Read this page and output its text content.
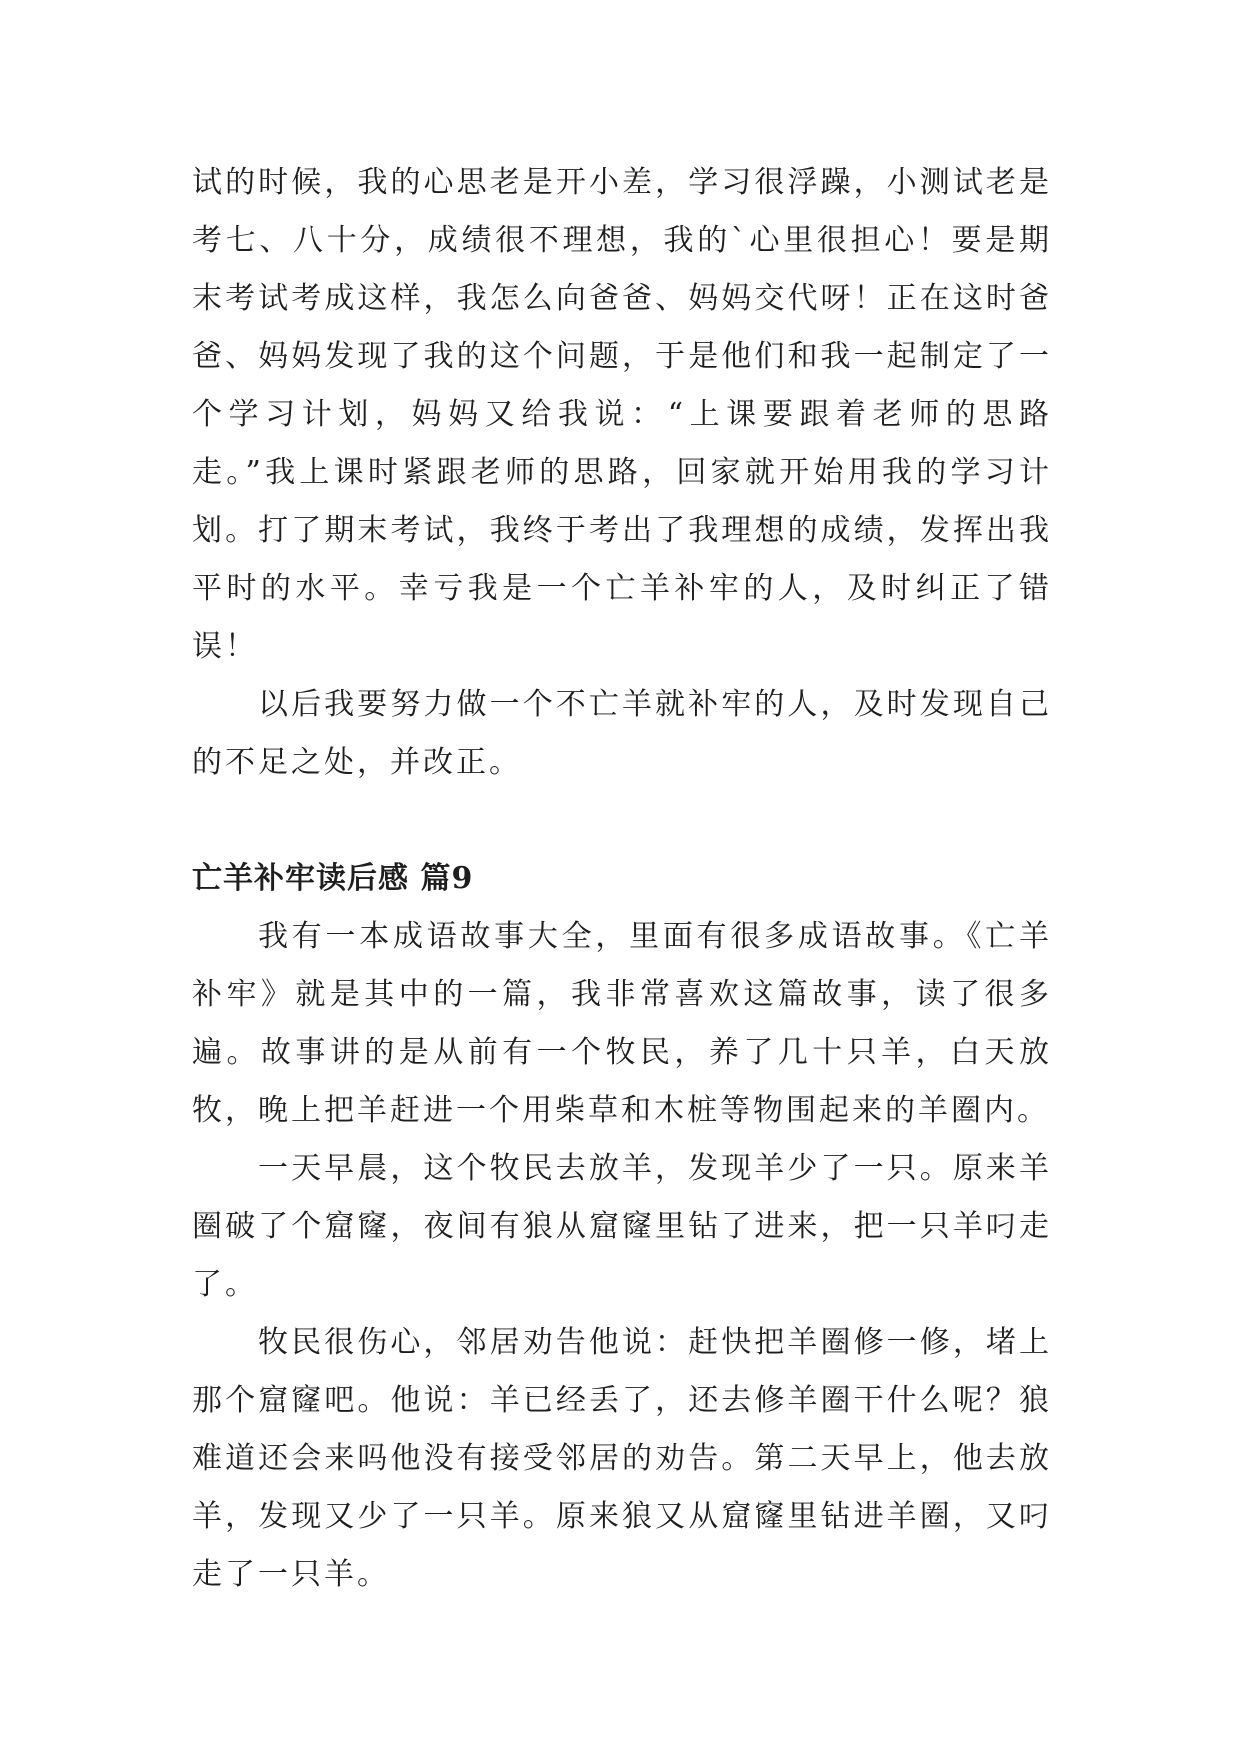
试的时候，我的心思老是开小差，学习很浮躁，小测试老是考七、八十分，成绩很不理想，我的`心里很担心！要是期末考试考成这样，我怎么向爸爸、妈妈交代呀！正在这时爸爸、妈妈发现了我的这个问题，于是他们和我一起制定了一个学习计划，妈妈又给我说：“上课要跟着老师的思路走。”我上课时紧跟老师的思路，回家就开始用我的学习计划。打了期末考试，我终于考出了我理想的成绩，发挥出我平时的水平。幸亏我是一个亡羊补牢的人，及时纠正了错误！

以后我要努力做一个不亡羊就补牢的人，及时发现自己的不足之处，并改正。

亡羊补牢读后感 篇9

我有一本成语故事大全，里面有很多成语故事。《亡羊补牢》就是其中的一篇，我非常喜欢这篇故事，读了很多遍。故事讲的是从前有一个牧民，养了几十只羊，白天放牧，晚上把羊赶进一个用柴草和木桩等物围起来的羊圈内。

一天早晨，这个牧民去放羊，发现羊少了一只。原来羊圈破了个窟窿，夜间有狼从窟窿里钻了进来，把一只羊叼走了。

牧民很伤心，邻居劝告他说：赶快把羊圈修一修，堵上那个窟窿吧。他说：羊已经丢了，还去修羊圈干什么呢？狼难道还会来吗他没有接受邻居的劝告。第二天早上，他去放羊，发现又少了一只羊。原来狼又从窟窿里钻进羊圈，又叼走了一只羊。
